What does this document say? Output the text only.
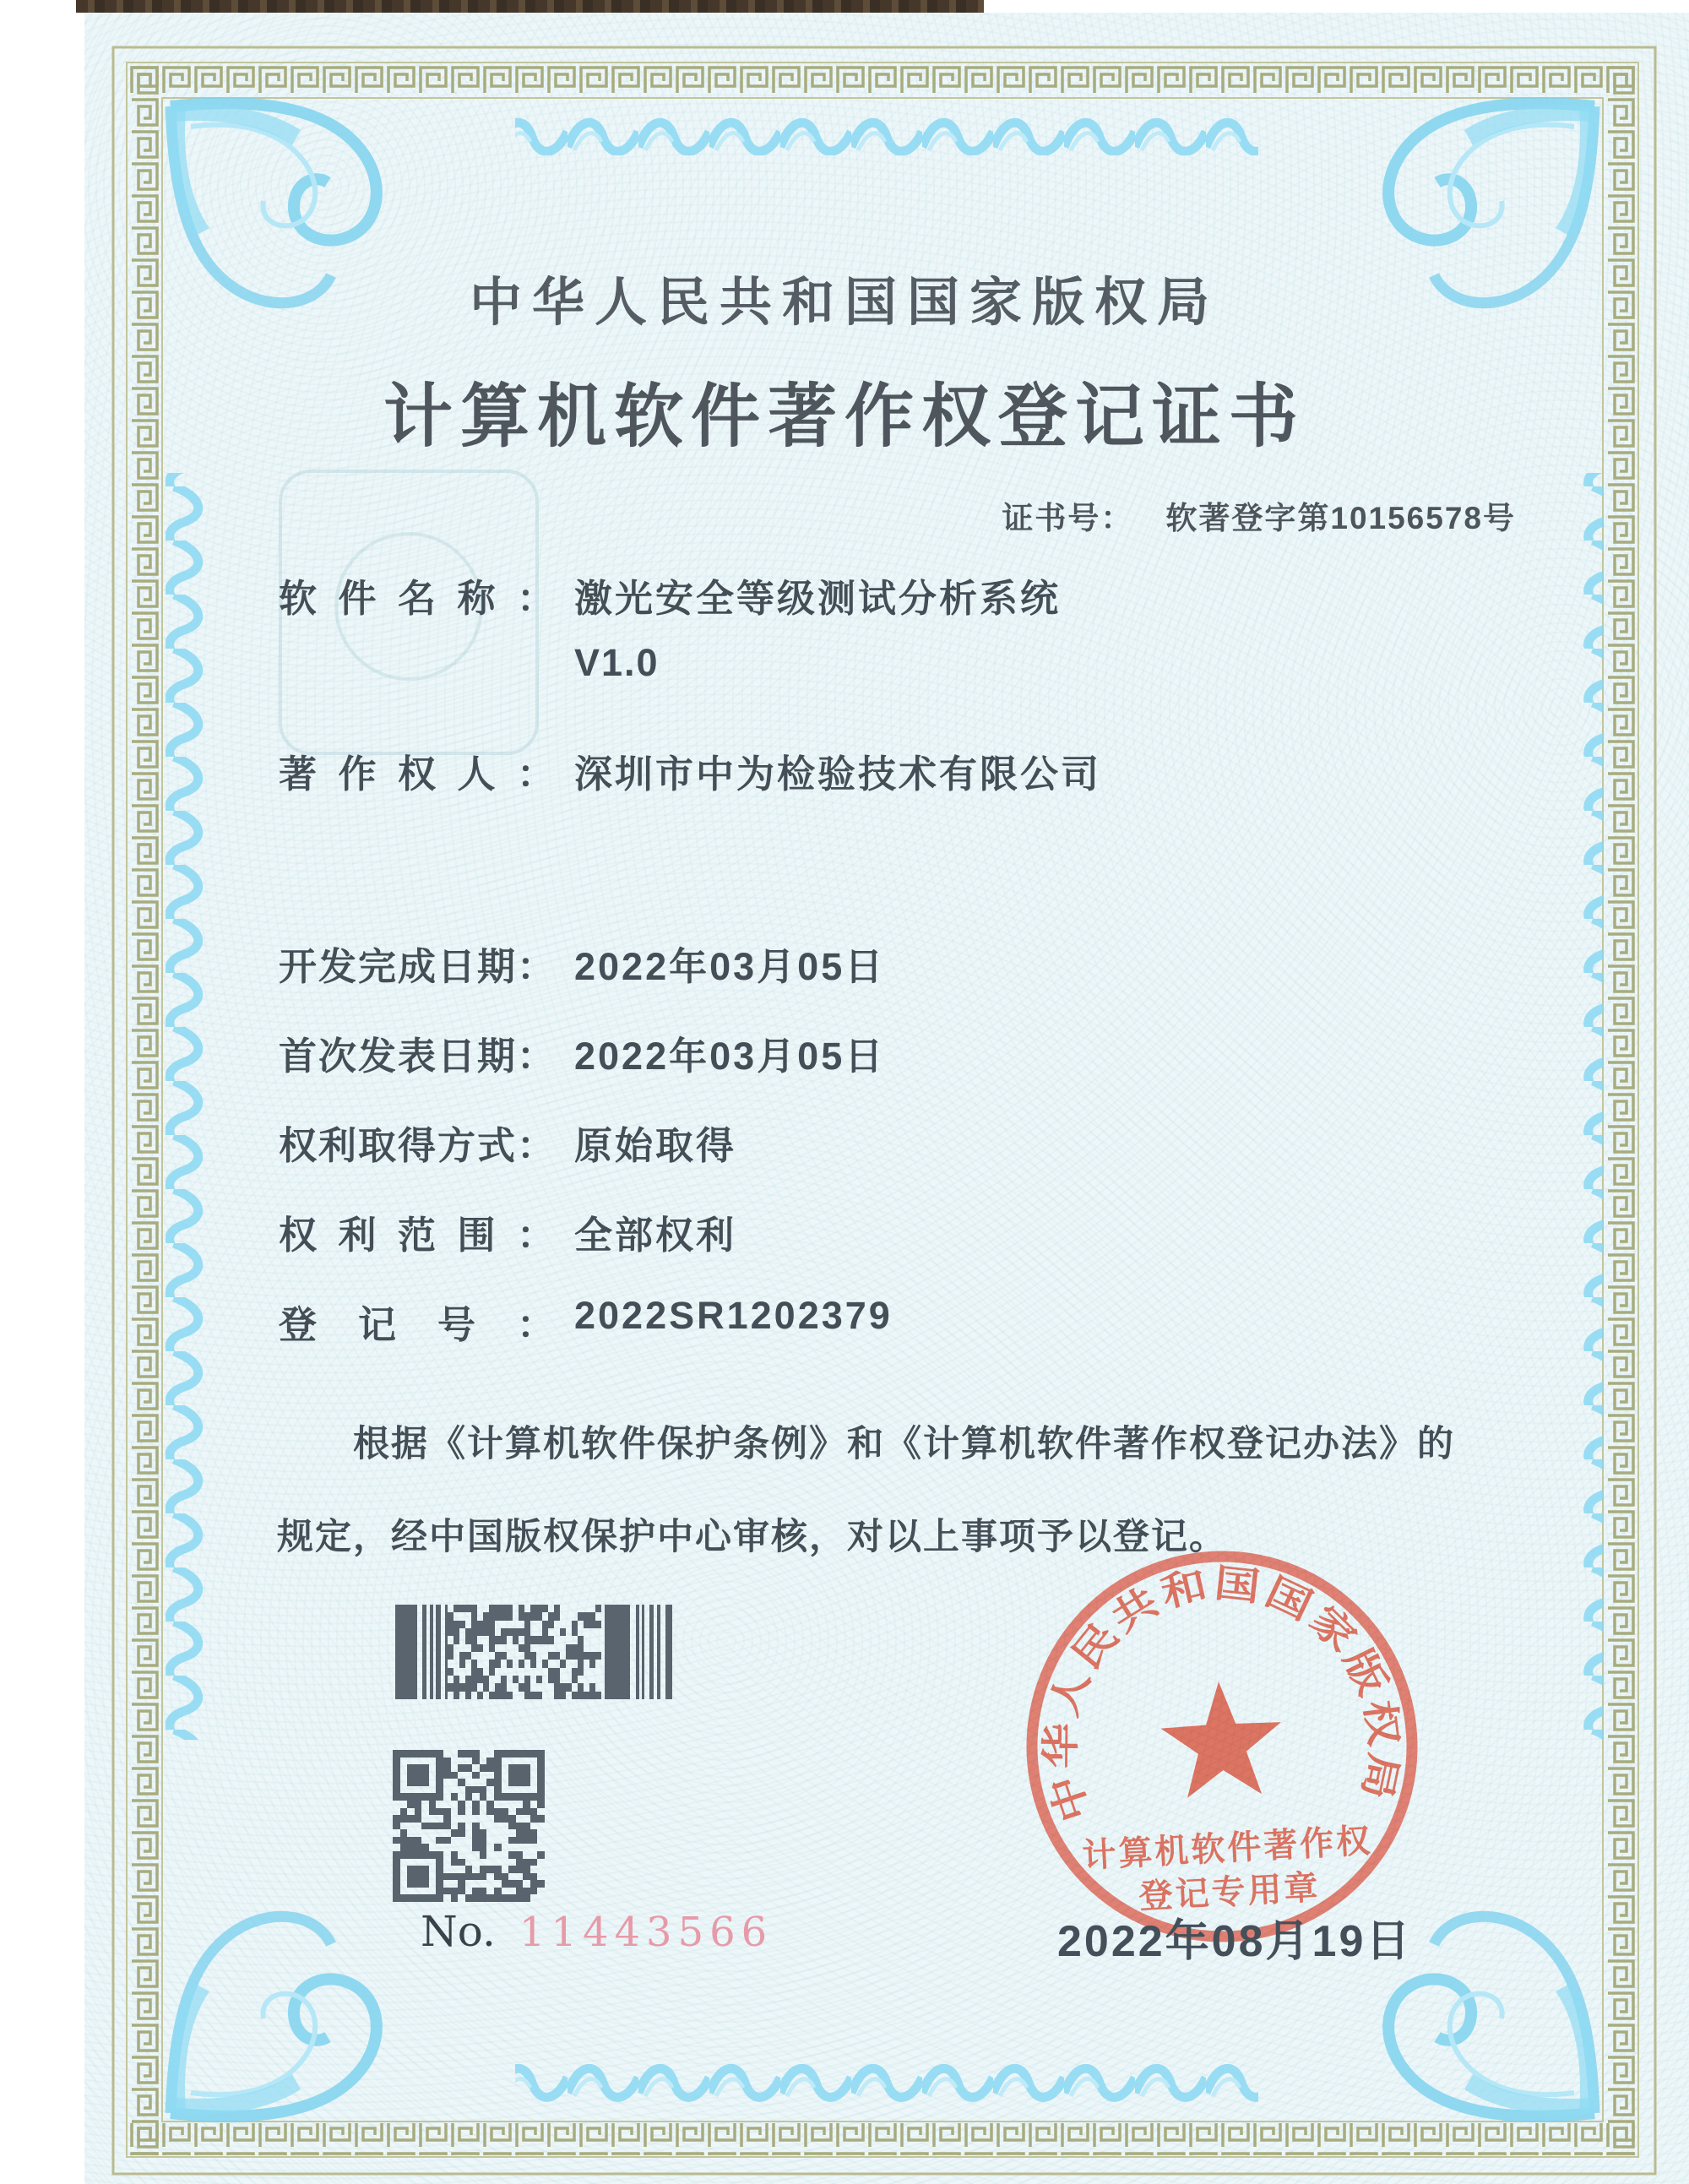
中华人民共和国国家版权局
计算机软件著作权登记证书
证书号： 软著登字第10156578号
软件名称： 激光安全等级测试分析系统
V1.0
著作权人： 深圳市中为检验技术有限公司
开发完成日期： 2022年03月05日
首次发表日期： 2022年03月05日
权利取得方式： 原始取得
权利范围： 全部权利
登记号： 2022SR1202379
根据《计算机软件保护条例》和《计算机软件著作权登记办法》的
规定，经中国版权保护中心审核，对以上事项予以登记。
中华人民共和国国家版权局
计算机软件著作权
登记专用章
No. 11443566	2022年08月19日
